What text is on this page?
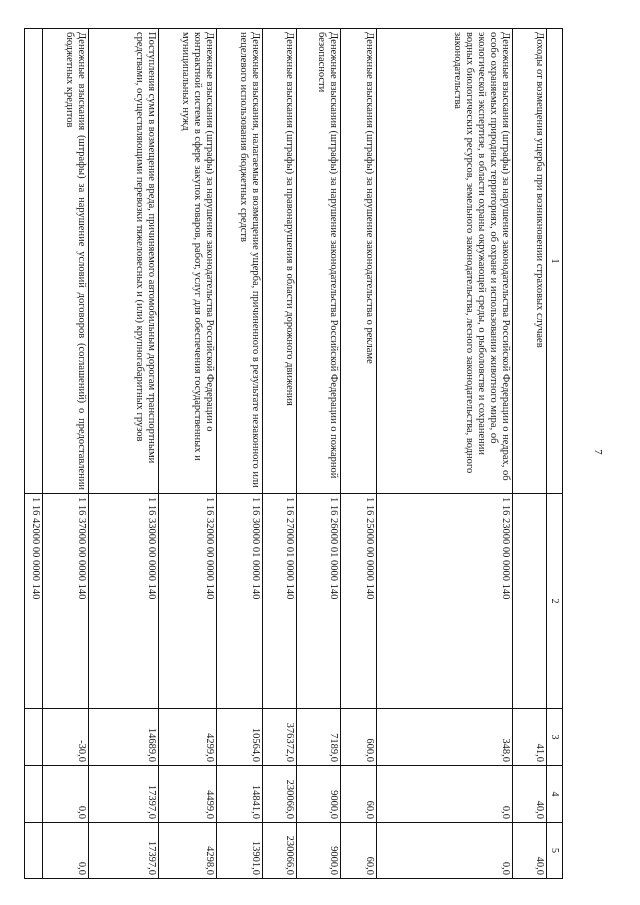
7
1	2	3	4	5
Доходы от возмещения ущерба при возникновении страховых случаев		41,0	40,0	40,0
Денежные взыскания (штрафы) за нарушение законодательства Российской Федерации о недрах, об особо охраняемых природных территориях, об охране и использовании животного мира, об экологической экспертизе, в области охраны окружающей среды, о рыболовстве и сохранении водных биологических ресурсов, земельного законодательства, лесного законодательства, водного законодательства	1 16 23000 00 0000 140	348,0	0,0	0,0
Денежные взыскания (штрафы) за нарушение законодательства о рекламе	1 16 25000 00 0000 140	600,0	60,0	60,0
Денежные взыскания (штрафы) за нарушение законодательства Российской Федерации о пожарной безопасности	1 16 26000 01 0000 140	7189,0	9000,0	9000,0
Денежные взыскания (штрафы) за правонарушения в области дорожного движения	1 16 27000 01 0000 140	376372,0	230066,0	230066,0
Денежные взыскания, налагаемые в возмещение ущерба, причиненного в результате незаконного или нецелевого использования бюджетных средств	1 16 30000 01 0000 140	10564,0	14841,0	13901,0
Денежные взыскания (штрафы) за нарушение законодательства Российской Федерации о контрактной системе в сфере закупок товаров, работ, услуг для обеспечения государственных и муниципальных нужд	1 16 32000 00 0000 140	4299,0	4499,0	4298,0
Поступления сумм в возмещение вреда, причиняемого автомобильным дорогам транспортными средствами, осуществляющими перевозки тяжеловесных и (или) крупногабаритных грузов	1 16 33000 00 0000 140	14689,0	17397,0	17397,0
Денежные взыскания (штрафы) за нарушение условий договоров (соглашений) о предоставлении бюджетных кредитов	1 16 37000 00 0000 140	-30,0	0,0	0,0
	1 16 42000 00 0000 140			
